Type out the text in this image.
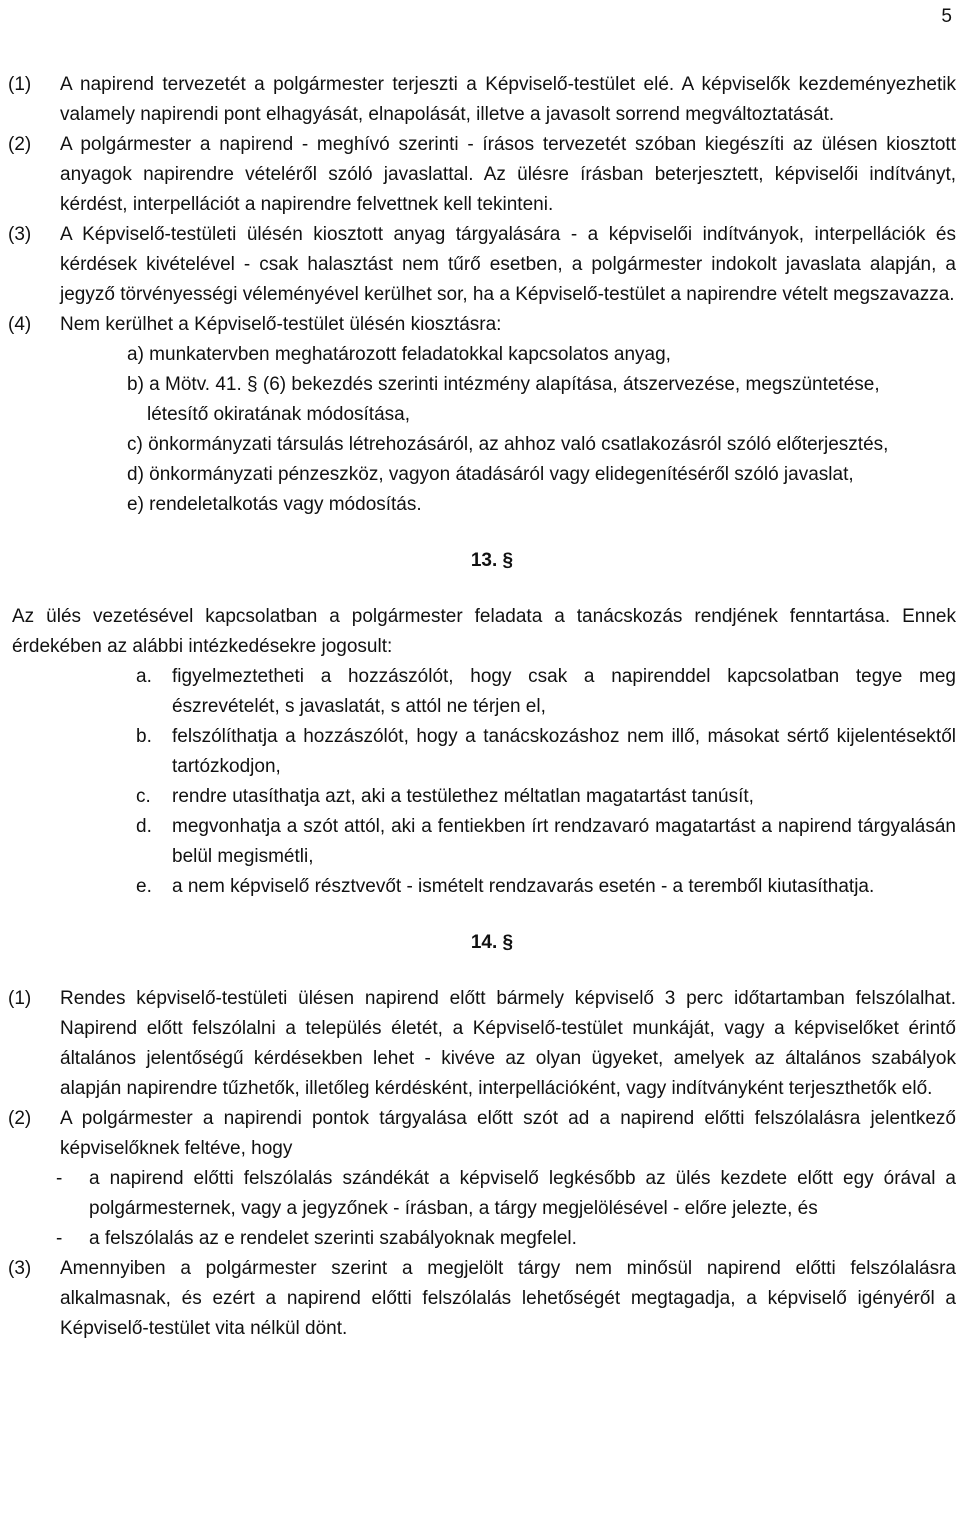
5
(1)	A napirend tervezetét a polgármester terjeszti a Képviselő-testület elé. A képviselők kezdeményezhetik valamely napirendi pont elhagyását, elnapolását, illetve a javasolt sorrend megváltoztatását.
(2)	A polgármester a napirend - meghívó szerinti - írásos tervezetét szóban kiegészíti az ülésen kiosztott anyagok napirendre vételéről szóló javaslattal. Az ülésre írásban beterjesztett, képviselői indítványt, kérdést, interpellációt a napirendre felvettnek kell tekinteni.
(3)	A Képviselő-testületi ülésén kiosztott anyag tárgyalására - a képviselői indítványok, interpellációk és kérdések kivételével - csak halasztást nem tűrő esetben, a polgármester indokolt javaslata alapján, a jegyző törvényességi véleményével kerülhet sor, ha a Képviselő-testület a napirendre vételt megszavazza.
(4)	Nem kerülhet a Képviselő-testület ülésén kiosztásra:
a) munkatervben meghatározott feladatokkal kapcsolatos anyag,
b) a Mötv. 41. § (6) bekezdés szerinti intézmény alapítása, átszervezése, megszüntetése,
létesítő okiratának módosítása,
c) önkormányzati társulás létrehozásáról, az ahhoz való csatlakozásról szóló előterjesztés,
d) önkormányzati pénzeszköz, vagyon átadásáról vagy elidegenítéséről szóló javaslat,
e) rendeletalkotás vagy módosítás.
13. §
Az ülés vezetésével kapcsolatban a polgármester feladata a tanácskozás rendjének fenntartása. Ennek érdekében az alábbi intézkedésekre jogosult:
a.	figyelmeztetheti a hozzászólót, hogy csak a napirenddel kapcsolatban tegye meg észrevételét, s javaslatát, s attól ne térjen el,
b.	felszólíthatja a hozzászólót, hogy a tanácskozáshoz nem illő, másokat sértő kijelentésektől tartózkodjon,
c.	rendre utasíthatja azt, aki a testülethez méltatlan magatartást tanúsít,
d.	megvonhatja a szót attól, aki a fentiekben írt rendzavaró magatartást a napirend tárgyalásán belül megismétli,
e.	a nem képviselő résztvevőt - ismételt rendzavarás esetén - a teremből kiutasíthatja.
14. §
(1)	Rendes képviselő-testületi ülésen napirend előtt bármely képviselő 3 perc időtartamban felszólalhat. Napirend előtt felszólalni a település életét, a Képviselő-testület munkáját, vagy a képviselőket érintő általános jelentőségű kérdésekben lehet - kivéve az olyan ügyeket, amelyek az általános szabályok alapján napirendre tűzhetők, illetőleg kérdésként, interpellációként, vagy indítványként terjeszthetők elő.
(2)	A polgármester a napirendi pontok tárgyalása előtt szót ad a napirend előtti felszólalásra jelentkező képviselőknek feltéve, hogy
-	a napirend előtti felszólalás szándékát a képviselő legkésőbb az ülés kezdete előtt egy órával a polgármesternek, vagy a jegyzőnek - írásban, a tárgy megjelölésével - előre jelezte, és
-	a felszólalás az e rendelet szerinti szabályoknak megfelel.
(3)	Amennyiben a polgármester szerint a megjelölt tárgy nem minősül napirend előtti felszólalásra alkalmasnak, és ezért a napirend előtti felszólalás lehetőségét megtagadja, a képviselő igényéről a Képviselő-testület vita nélkül dönt.
